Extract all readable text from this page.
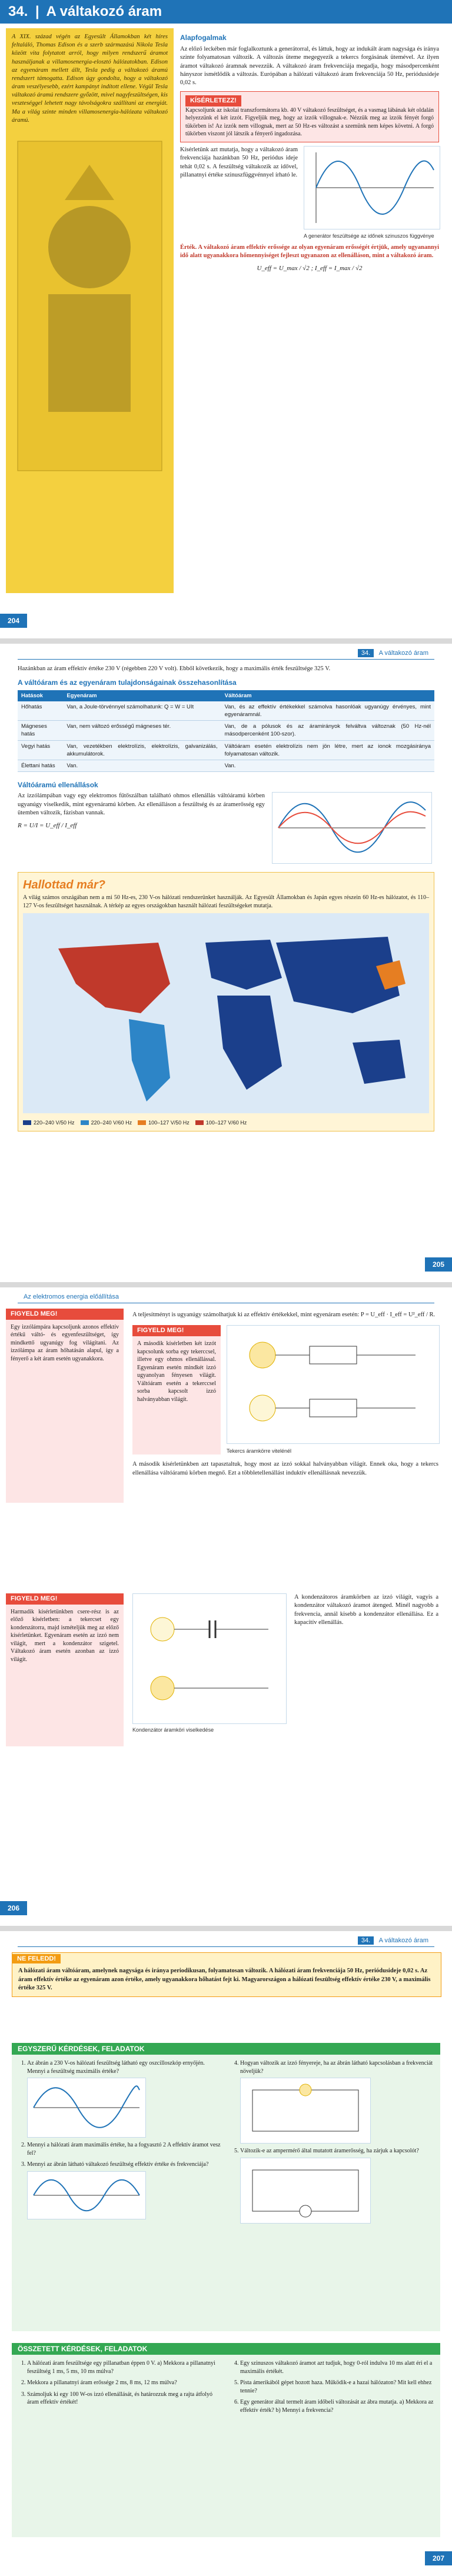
34. | A váltakozó áram
A XIX. század végén az Egyesült Államokban két híres feltaláló, Thomas Edison és a szerb származású Nikola Tesla között vita folytatott arról, hogy milyen rendszerű áramot használjanak a villamosenergia-elosztó hálózatokban. Edison az egyenáram mellett állt, Tesla pedig a váltakozó áramú rendszert támogatta. Edison úgy gondolta, hogy a váltakozó áram veszélyesebb, ezért kampányt indított ellene. Végül Tesla váltakozó áramú rendszere győzött, mivel nagyfeszültségen, kis veszteséggel lehetett nagy távolságokra szállítani az energiát. Ma a világ szinte minden villamosenergia-hálózata váltakozó áramú.
Alapfogalmak
Az előző leckében már foglalkoztunk a generátorral, és láttuk, hogy az indukált áram nagysága és iránya szinte folyamatosan változik. A változás üteme megegyezik a tekercs forgásának ütemével. Az ilyen áramot váltakozó áramnak nevezzük. A váltakozó áram frekvenciája megadja, hogy másodpercenként hányszor ismétlődik a változás. Európában a hálózati váltakozó áram frekvenciája 50 Hz, periódusideje 0,02 s.
KÍSÉRLETEZZ!
Kapcsoljunk az iskolai transzformátorra kb. 40 V váltakozó feszültséget, és a vasmag lábának két oldalán helyezzünk el két izzót. Figyeljük meg, hogy az izzók villognak-e. Nézzük meg az izzók fényét forgó tükörben is! Az izzók nem villognak, mert az 50 Hz-es változást a szemünk nem képes követni. A forgó tükörben viszont jól látszik a fényerő ingadozása.
Kísérletünk azt mutatja, hogy a váltakozó áram frekvenciája hazánkban 50 Hz, periódus ideje tehát 0,02 s. A feszültség váltakozik az idővel, pillanatnyi értéke szinuszfüggvénnyel írható le.
A generátor feszültsége az időnek szinuszos függvénye
Érték. A váltakozó áram effektív erőssége az olyan egyenáram erősségét értjük, amely ugyanannyi idő alatt ugyanakkora hőmennyiséget fejleszt ugyanazon az ellenálláson, mint a váltakozó áram.
U_eff = U_max / √2 ; I_eff = I_max / √2
204
34. A váltakozó áram
Hazánkban az áram effektív értéke 230 V (régebben 220 V volt). Ebből következik, hogy a maximális érték feszültsége 325 V.
A váltóáram és az egyenáram tulajdonságainak összehasonlítása
Hatások	Egyenáram	Váltóáram
Hőhatás	Van, a Joule-törvénnyel számolhatunk: Q = W = UIt	Van, és az effektív értékekkel számolva hasonlóak ugyanúgy érvényes, mint egyenáramnál.
Mágneses hatás	Van, nem változó erősségű mágneses tér.	Van, de a pólusok és az áramirányok felváltva változnak (50 Hz-nél másodpercenként 100-szor).
Vegyi hatás	Van, vezetékben elektrolízis, elektrolízis, galvanizálás, akkumulátorok.	Váltóáram esetén elektrolízis nem jön létre, mert az ionok mozgásiránya folyamatosan változik.
Élettani hatás	Van.	Van.
Váltóáramú ellenállások
Az izzólámpában vagy egy elektromos fűtőszálban található ohmos ellenállás váltóáramú körben ugyanúgy viselkedik, mint egyenáramú körben. Az ellenálláson a feszültség és az áramerősség egy ütemben változik, fázisban vannak.
R = U/I = U_eff / I_eff
Hallottad már?
A világ számos országában nem a mi 50 Hz-es, 230 V-os hálózati rendszerünket használják. Az Egyesült Államokban és Japán egyes részein 60 Hz-es hálózatot, és 110–127 V-os feszültséget használnak. A térkép az egyes országokban használt hálózati feszültségeket mutatja.
220–240 V/50 Hz	220–240 V/60 Hz	100–127 V/50 Hz	100–127 V/60 Hz
205
Az elektromos energia előállítása
FIGYELD MEG!
Egy izzólámpára kapcsoljunk azonos effektív értékű váltó- és egyenfeszültséget, így mindkettő ugyanúgy fog világítani. Az izzólámpa az áram hőhatásán alapul, így a fényerő a két áram esetén ugyanakkora.
A teljesítményt is ugyanúgy számolhatjuk ki az effektív értékekkel, mint egyenáram esetén: P = U_eff · I_eff = U²_eff / R.
FIGYELD MEG!
A második kísérletben két izzót kapcsolunk sorba egy tekerccsel, illetve egy ohmos ellenállással. Egyenáram esetén mindkét izzó ugyanolyan fényesen világít. Váltóáram esetén a tekerccsel sorba kapcsolt izzó halványabban világít.
Tekercs áramkörre vitelénél
A második kísérletünkben azt tapasztaltuk, hogy most az izzó sokkal halványabban világít. Ennek oka, hogy a tekercs ellenállása váltóáramú körben megnő. Ezt a többletellenállást induktív ellenállásnak nevezzük.
FIGYELD MEG!
Harmadik kísérletünkben csere-rész is az előző kísérletben: a tekercset egy kondenzátorra, majd ismételjük meg az előző kísérletünket. Egyenáram esetén az izzó nem világít, mert a kondenzátor szigetel. Váltakozó áram esetén azonban az izzó világít.
Kondenzátor áramköri viselkedése
A kondenzátoros áramkörben az izzó világít, vagyis a kondenzátor váltakozó áramot átenged. Minél nagyobb a frekvencia, annál kisebb a kondenzátor ellenállása. Ez a kapacitív ellenállás.
206
34. A váltakozó áram
NE FELEDD!
A hálózati áram váltóáram, amelynek nagysága és iránya periodikusan, folyamatosan változik. A hálózati áram frekvenciája 50 Hz, periódusideje 0,02 s. Az áram effektív értéke az egyenáram azon értéke, amely ugyanakkora hőhatást fejt ki. Magyarországon a hálózati feszültség effektív értéke 230 V, a maximális értéke 325 V.
EGYSZERŰ KÉRDÉSEK, FELADATOK
1. Az ábrán a 230 V-os hálózati feszültség látható egy oszcilloszkóp ernyőjén. Mennyi a feszültség maximális értéke?
2. Mennyi a hálózati áram maximális értéke, ha a fogyasztó 2 A effektív áramot vesz fel?
3. Mennyi az ábrán látható váltakozó feszültség effektív értéke és frekvenciája?
4. Hogyan változik az izzó fényereje, ha az ábrán látható kapcsolásban a frekvenciát növeljük?
5. Változik-e az ampermérő által mutatott áramerősség, ha zárjuk a kapcsolót?
ÖSSZETETT KÉRDÉSEK, FELADATOK
1. A hálózati áram feszültsége egy pillanatban éppen 0 V. a) Mekkora a pillanatnyi feszültség 1 ms, 5 ms, 10 ms múlva?
2. Mekkora a pillanatnyi áram erőssége 2 ms, 8 ms, 12 ms múlva?
3. Számoljuk ki egy 100 W-os izzó ellenállását, és határozzuk meg a rajta átfolyó áram effektív értékét!
4. Egy szinuszos váltakozó áramot azt tudjuk, hogy 0-ról indulva 10 ms alatt éri el a maximális értékét.
5. Pista ámerikából gépet hozott haza. Működik-e a hazai hálózaton? Mit kell ehhez tennie?
6. Egy generátor által termelt áram időbeli változását az ábra mutatja. a) Mekkora az effektív érték? b) Mennyi a frekvencia?
207
